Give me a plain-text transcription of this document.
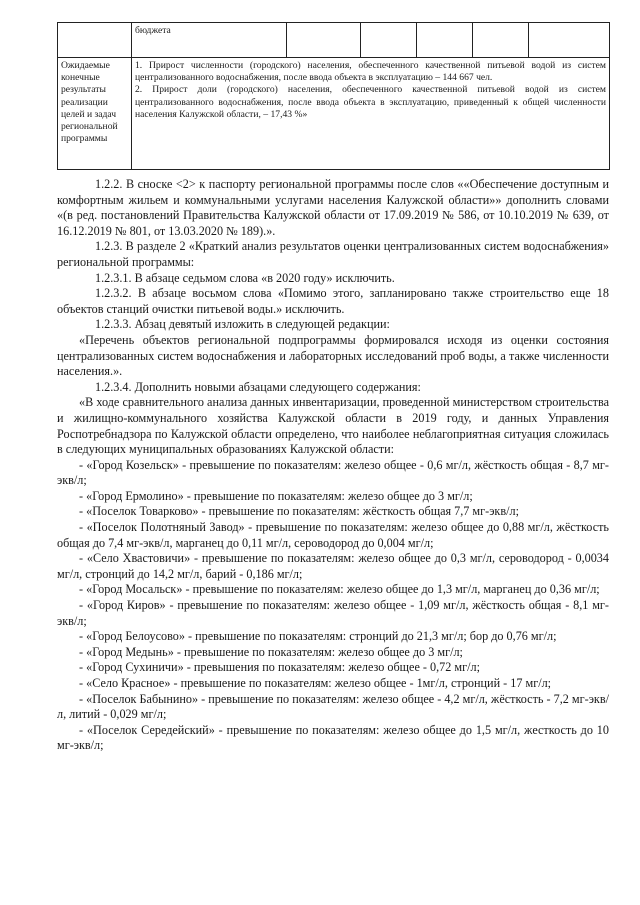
	бюджета					
Ожидаемые конечные результаты реализации целей и задач региональной программы	1. Прирост численности (городского) населения, обеспеченного качественной питьевой водой из систем централизованного водоснабжения, после ввода объекта в эксплуатацию – 144 667 чел.
2. Прирост доли (городского) населения, обеспеченного качественной питьевой водой из систем централизованного водоснабжения, после ввода объекта в эксплуатацию, приведенный к общей численности населения Калужской области, – 17,43 %»					

1.2.2. В сноске <2> к паспорту региональной программы после слов ««Обеспечение доступным и комфортным жильем и коммунальными услугами населения Калужской области»» дополнить словами «(в ред. постановлений Правительства Калужской области от 17.09.2019 № 586, от 10.10.2019 № 639, от 16.12.2019 № 801, от 13.03.2020 № 189).».

1.2.3. В разделе 2 «Краткий анализ результатов оценки централизованных систем водоснабжения» региональной программы:

1.2.3.1. В абзаце седьмом слова «в 2020 году» исключить.

1.2.3.2. В абзаце восьмом слова «Помимо этого, запланировано также строительство еще 18 объектов станций очистки питьевой воды.» исключить.

1.2.3.3. Абзац девятый изложить в следующей редакции:

«Перечень объектов региональной подпрограммы формировался исходя из оценки состояния централизованных систем водоснабжения и лабораторных исследований проб воды, а также численности населения.».

1.2.3.4. Дополнить новыми абзацами следующего содержания:

«В ходе сравнительного анализа данных инвентаризации, проведенной министерством строительства и жилищно-коммунального хозяйства Калужской области в 2019 году, и данных Управления Роспотребнадзора по Калужской области определено, что наиболее неблагоприятная ситуация сложилась в следующих муниципальных образованиях Калужской области:

- «Город Козельск» - превышение по показателям: железо общее - 0,6 мг/л, жёсткость общая - 8,7 мг-экв/л;

- «Город Ермолино» - превышение по показателям: железо общее до 3 мг/л;

- «Поселок Товарково» - превышение по показателям: жёсткость общая 7,7 мг-экв/л;

- «Поселок Полотняный Завод» - превышение по показателям: железо общее до 0,88 мг/л, жёсткость общая до 7,4 мг-экв/л, марганец до 0,11 мг/л, сероводород до 0,004 мг/л;

- «Село Хвастовичи» - превышение по показателям: железо общее до 0,3 мг/л, сероводород - 0,0034 мг/л, стронций до 14,2 мг/л, барий - 0,186 мг/л;

- «Город Мосальск» - превышение по показателям: железо общее до 1,3 мг/л, марганец до 0,36 мг/л;

- «Город Киров» - превышение по показателям: железо общее - 1,09 мг/л, жёсткость общая - 8,1 мг-экв/л;

- «Город Белоусово» - превышение по показателям: стронций до 21,3 мг/л; бор до 0,76 мг/л;

- «Город Медынь» - превышение по показателям: железо общее до 3 мг/л;

- «Город Сухиничи» - превышения по показателям: железо общее - 0,72 мг/л;

- «Село Красное» - превышение по показателям: железо общее - 1мг/л, стронций - 17 мг/л;

- «Поселок Бабынино» - превышение по показателям: железо общее - 4,2 мг/л, жёсткость - 7,2 мг-экв/л, литий - 0,029 мг/л;

- «Поселок Середейский» - превышение по показателям: железо общее до 1,5 мг/л, жесткость до 10 мг-экв/л;
